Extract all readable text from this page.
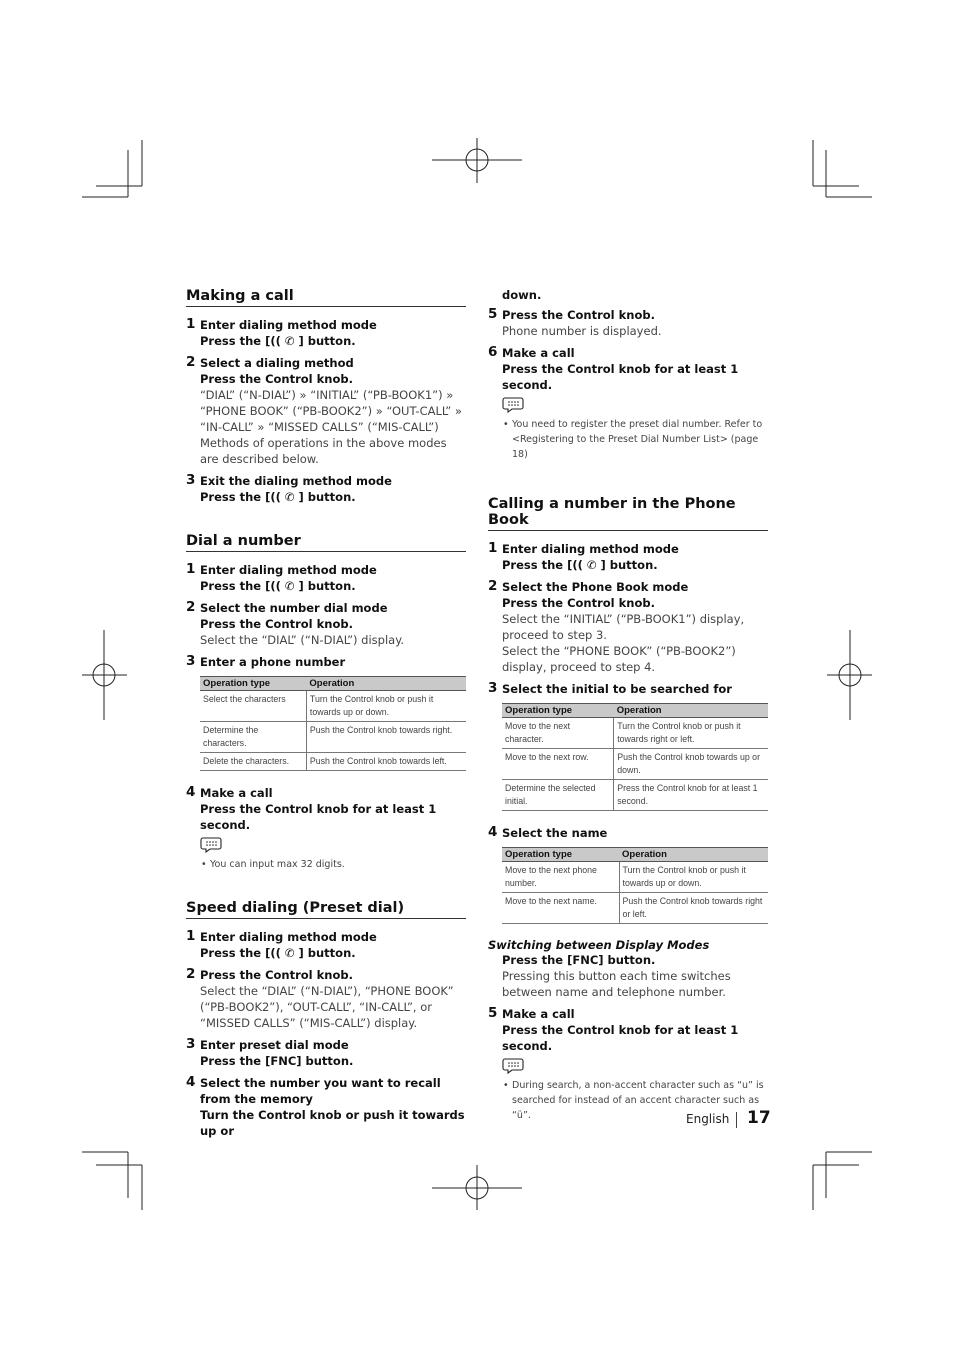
Making a call
1 Enter dialing method mode
Press the [(( ✆ ] button.
2 Select a dialing method
Press the Control knob.
“DIAL” (“N-DIAL”) » “INITIAL” (“PB-BOOK1”) » “PHONE BOOK” (“PB-BOOK2”) » “OUT-CALL” » “IN-CALL” » “MISSED CALLS” (“MIS-CALL”)
Methods of operations in the above modes are described below.
3 Exit the dialing method mode
Press the [(( ✆ ] button.
Dial a number
1 Enter dialing method mode
Press the [(( ✆ ] button.
2 Select the number dial mode
Press the Control knob.
Select the “DIAL” (“N-DIAL”) display.
3 Enter a phone number
Operation type	Operation
Select the characters	Turn the Control knob or push it towards up or down.
Determine the characters.	Push the Control knob towards right.
Delete the characters.	Push the Control knob towards left.
4 Make a call
Press the Control knob for at least 1 second.
• You can input max 32 digits.
Speed dialing (Preset dial)
1 Enter dialing method mode
Press the [(( ✆ ] button.
2 Press the Control knob.
Select the “DIAL” (“N-DIAL”), “PHONE BOOK” (“PB-BOOK2”), “OUT-CALL”, “IN-CALL”, or “MISSED CALLS” (“MIS-CALL”) display.
3 Enter preset dial mode
Press the [FNC] button.
4 Select the number you want to recall from the memory
Turn the Control knob or push it towards up or
down.
5 Press the Control knob.
Phone number is displayed.
6 Make a call
Press the Control knob for at least 1 second.
• You need to register the preset dial number. Refer to <Registering to the Preset Dial Number List> (page 18)
Calling a number in the Phone Book
1 Enter dialing method mode
Press the [(( ✆ ] button.
2 Select the Phone Book mode
Press the Control knob.
Select the “INITIAL” (“PB-BOOK1”) display, proceed to step 3.
Select the “PHONE BOOK” (“PB-BOOK2”) display, proceed to step 4.
3 Select the initial to be searched for
Operation type	Operation
Move to the next character.	Turn the Control knob or push it towards right or left.
Move to the next row.	Push the Control knob towards up or down.
Determine the selected initial.	Press the Control knob for at least 1 second.
4 Select the name
Operation type	Operation
Move to the next phone number.	Turn the Control knob or push it towards up or down.
Move to the next name.	Push the Control knob towards right or left.
Switching between Display Modes
Press the [FNC] button.
Pressing this button each time switches between name and telephone number.
5 Make a call
Press the Control knob for at least 1 second.
• During search, a non-accent character such as “u” is searched for instead of an accent character such as “ü”.	English 17
